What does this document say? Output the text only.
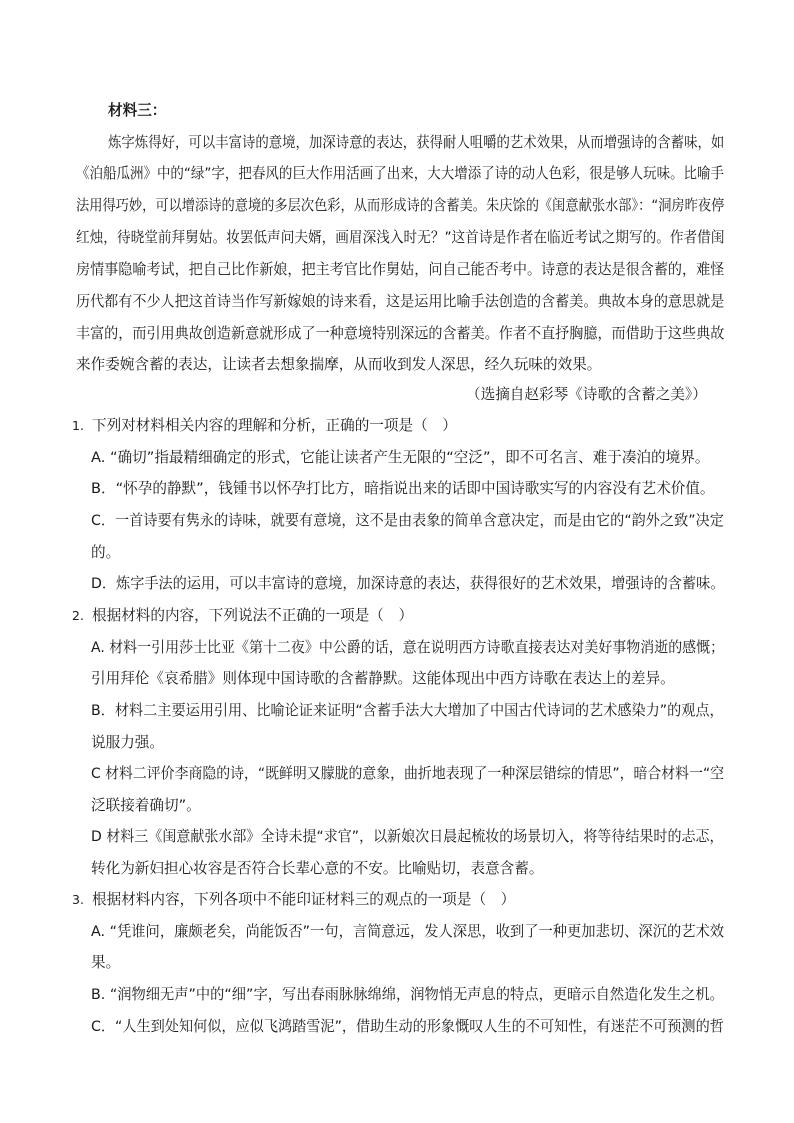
材料三：
炼字炼得好，可以丰富诗的意境，加深诗意的表达，获得耐人咀嚼的艺术效果，从而增强诗的含蓄味，如
《泊船瓜洲》中的“绿”字，把春风的巨大作用活画了出来，大大增添了诗的动人色彩，很是够人玩味。比喻手
法用得巧妙，可以增添诗的意境的多层次色彩，从而形成诗的含蓄美。朱庆馀的《闺意献张水部》：“洞房昨夜停
红烛，待晓堂前拜舅姑。妆罢低声问夫婿，画眉深浅入时无？”这首诗是作者在临近考试之期写的。作者借闺
房情事隐喻考试，把自己比作新娘，把主考官比作舅姑，问自己能否考中。诗意的表达是很含蓄的，难怪
历代都有不少人把这首诗当作写新嫁娘的诗来看，这是运用比喻手法创造的含蓄美。典故本身的意思就是
丰富的，而引用典故创造新意就形成了一种意境特别深远的含蓄美。作者不直抒胸臆，而借助于这些典故
来作委婉含蓄的表达，让读者去想象揣摩，从而收到发人深思，经久玩味的效果。
（选摘自赵彩琴《诗歌的含蓄之美》）
1. 下列对材料相关内容的理解和分析，正确的一项是（　）
A. “确切”指最精细确定的形式，它能让读者产生无限的“空泛”，即不可名言、难于凑泊的境界。
B．“怀孕的静默”，钱锺书以怀孕打比方，暗指说出来的话即中国诗歌实写的内容没有艺术价值。
C．一首诗要有隽永的诗味，就要有意境，这不是由表象的简单含意决定，而是由它的“韵外之致”决定
的。
D．炼字手法的运用，可以丰富诗的意境，加深诗意的表达，获得很好的艺术效果，增强诗的含蓄味。
2. 根据材料的内容，下列说法不正确的一项是（　）
A. 材料一引用莎士比亚《第十二夜》中公爵的话，意在说明西方诗歌直接表达对美好事物消逝的感慨；
引用拜伦《哀希腊》则体现中国诗歌的含蓄静默。这能体现出中西方诗歌在表达上的差异。
B．材料二主要运用引用、比喻论证来证明“含蓄手法大大增加了中国古代诗词的艺术感染力”的观点，
说服力强。
C 材料二评价李商隐的诗，“既鲜明又朦胧的意象，曲折地表现了一种深层错综的情思”，暗合材料一“空
泛联接着确切”。
D 材料三《闺意献张水部》全诗未提“求官”，以新娘次日晨起梳妆的场景切入，将等待结果时的忐忑，
转化为新妇担心妆容是否符合长辈心意的不安。比喻贴切，表意含蓄。
3. 根据材料内容，下列各项中不能印证材料三的观点的一项是（　）
A. “凭谁问，廉颇老矣，尚能饭否”一句，言简意远，发人深思，收到了一种更加悲切、深沉的艺术效
果。
B. “润物细无声”中的“细”字，写出春雨脉脉绵绵，润物悄无声息的特点，更暗示自然造化发生之机。
C．“人生到处知何似，应似飞鸿踏雪泥”，借助生动的形象慨叹人生的不可知性，有迷茫不可预测的哲
